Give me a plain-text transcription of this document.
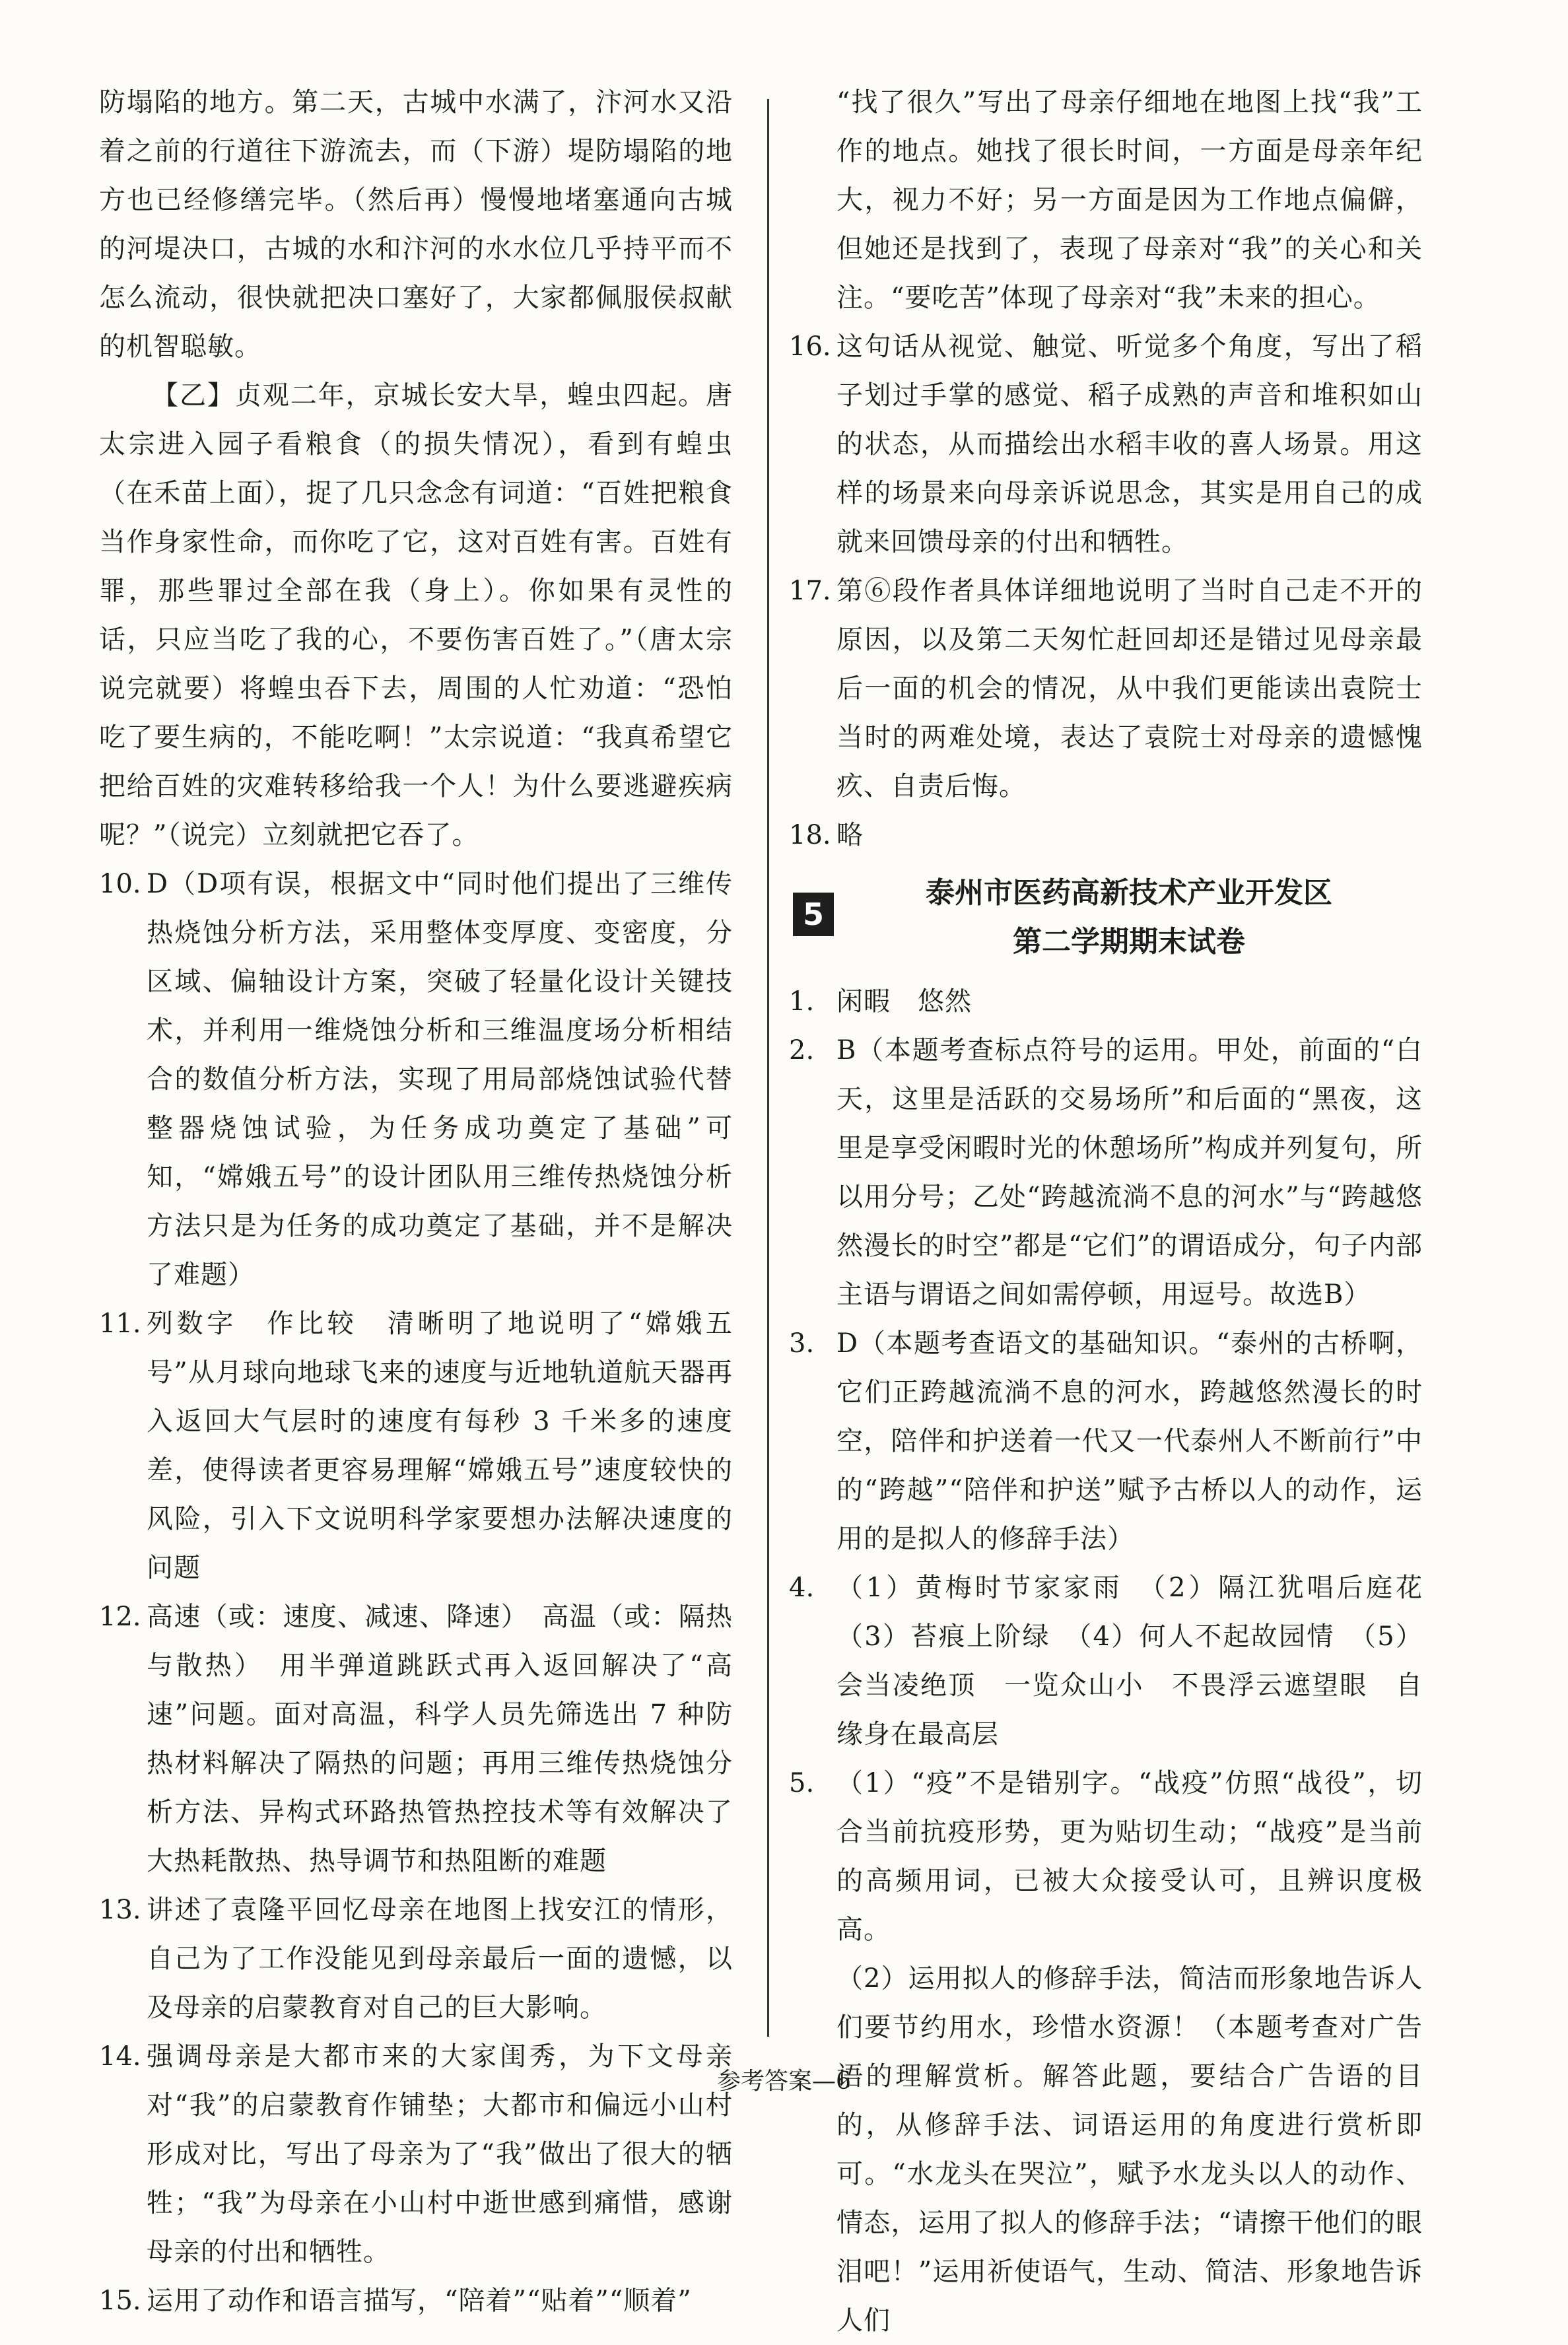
防塌陷的地方。第二天，古城中水满了，汴河水又沿着之前的行道往下游流去，而（下游）堤防塌陷的地方也已经修缮完毕。（然后再）慢慢地堵塞通向古城的河堤决口，古城的水和汴河的水水位几乎持平而不怎么流动，很快就把决口塞好了，大家都佩服侯叔献的机智聪敏。

【乙】贞观二年，京城长安大旱，蝗虫四起。唐太宗进入园子看粮食（的损失情况），看到有蝗虫（在禾苗上面），捉了几只念念有词道：“百姓把粮食当作身家性命，而你吃了它，这对百姓有害。百姓有罪，那些罪过全部在我（身上）。你如果有灵性的话，只应当吃了我的心，不要伤害百姓了。”（唐太宗说完就要）将蝗虫吞下去，周围的人忙劝道：“恐怕吃了要生病的，不能吃啊！”太宗说道：“我真希望它把给百姓的灾难转移给我一个人！为什么要逃避疾病呢？”（说完）立刻就把它吞了。

10. D（D项有误，根据文中“同时他们提出了三维传热烧蚀分析方法，采用整体变厚度、变密度，分区域、偏轴设计方案，突破了轻量化设计关键技术，并利用一维烧蚀分析和三维温度场分析相结合的数值分析方法，实现了用局部烧蚀试验代替整器烧蚀试验，为任务成功奠定了基础”可知，“嫦娥五号”的设计团队用三维传热烧蚀分析方法只是为任务的成功奠定了基础，并不是解决了难题）
11. 列数字　作比较　清晰明了地说明了“嫦娥五号”从月球向地球飞来的速度与近地轨道航天器再入返回大气层时的速度有每秒 3 千米多的速度差，使得读者更容易理解“嫦娥五号”速度较快的风险，引入下文说明科学家要想办法解决速度的问题
12. 高速（或：速度、减速、降速）　高温（或：隔热与散热）　用半弹道跳跃式再入返回解决了“高速”问题。面对高温，科学人员先筛选出 7 种防热材料解决了隔热的问题；再用三维传热烧蚀分析方法、异构式环路热管热控技术等有效解决了大热耗散热、热导调节和热阻断的难题
13. 讲述了袁隆平回忆母亲在地图上找安江的情形，自己为了工作没能见到母亲最后一面的遗憾，以及母亲的启蒙教育对自己的巨大影响。
14. 强调母亲是大都市来的大家闺秀，为下文母亲对“我”的启蒙教育作铺垫；大都市和偏远小山村形成对比，写出了母亲为了“我”做出了很大的牺牲；“我”为母亲在小山村中逝世感到痛惜，感谢母亲的付出和牺牲。
15. 运用了动作和语言描写，“陪着”“贴着”“顺着”

“找了很久”写出了母亲仔细地在地图上找“我”工作的地点。她找了很长时间，一方面是母亲年纪大，视力不好；另一方面是因为工作地点偏僻，但她还是找到了，表现了母亲对“我”的关心和关注。“要吃苦”体现了母亲对“我”未来的担心。

16. 这句话从视觉、触觉、听觉多个角度，写出了稻子划过手掌的感觉、稻子成熟的声音和堆积如山的状态，从而描绘出水稻丰收的喜人场景。用这样的场景来向母亲诉说思念，其实是用自己的成就来回馈母亲的付出和牺牲。
17. 第⑥段作者具体详细地说明了当时自己走不开的原因，以及第二天匆忙赶回却还是错过见母亲最后一面的机会的情况，从中我们更能读出袁院士当时的两难处境，表达了袁院士对母亲的遗憾愧疚、自责后悔。
18. 略
5
泰州市医药高新技术产业开发区
第二学期期末试卷
1. 闲暇　悠然
2. B（本题考查标点符号的运用。甲处，前面的“白天，这里是活跃的交易场所”和后面的“黑夜，这里是享受闲暇时光的休憩场所”构成并列复句，所以用分号；乙处“跨越流淌不息的河水”与“跨越悠然漫长的时空”都是“它们”的谓语成分，句子内部主语与谓语之间如需停顿，用逗号。故选B）
3. D（本题考查语文的基础知识。“泰州的古桥啊，它们正跨越流淌不息的河水，跨越悠然漫长的时空，陪伴和护送着一代又一代泰州人不断前行”中的“跨越”“陪伴和护送”赋予古桥以人的动作，运用的是拟人的修辞手法）
4. （1）黄梅时节家家雨　（2）隔江犹唱后庭花　（3）苔痕上阶绿　（4）何人不起故园情　（5）会当凌绝顶　一览众山小　不畏浮云遮望眼　自缘身在最高层
5. （1）“疫”不是错别字。“战疫”仿照“战役”，切合当前抗疫形势，更为贴切生动；“战疫”是当前的高频用词，已被大众接受认可，且辨识度极高。
（2）运用拟人的修辞手法，简洁而形象地告诉人们要节约用水，珍惜水资源！（本题考查对广告语的理解赏析。解答此题，要结合广告语的目的，从修辞手法、词语运用的角度进行赏析即可。“水龙头在哭泣”，赋予水龙头以人的动作、情态，运用了拟人的修辞手法；“请擦干他们的眼泪吧！”运用祈使语气，生动、简洁、形象地告诉人们
参考答案—6
